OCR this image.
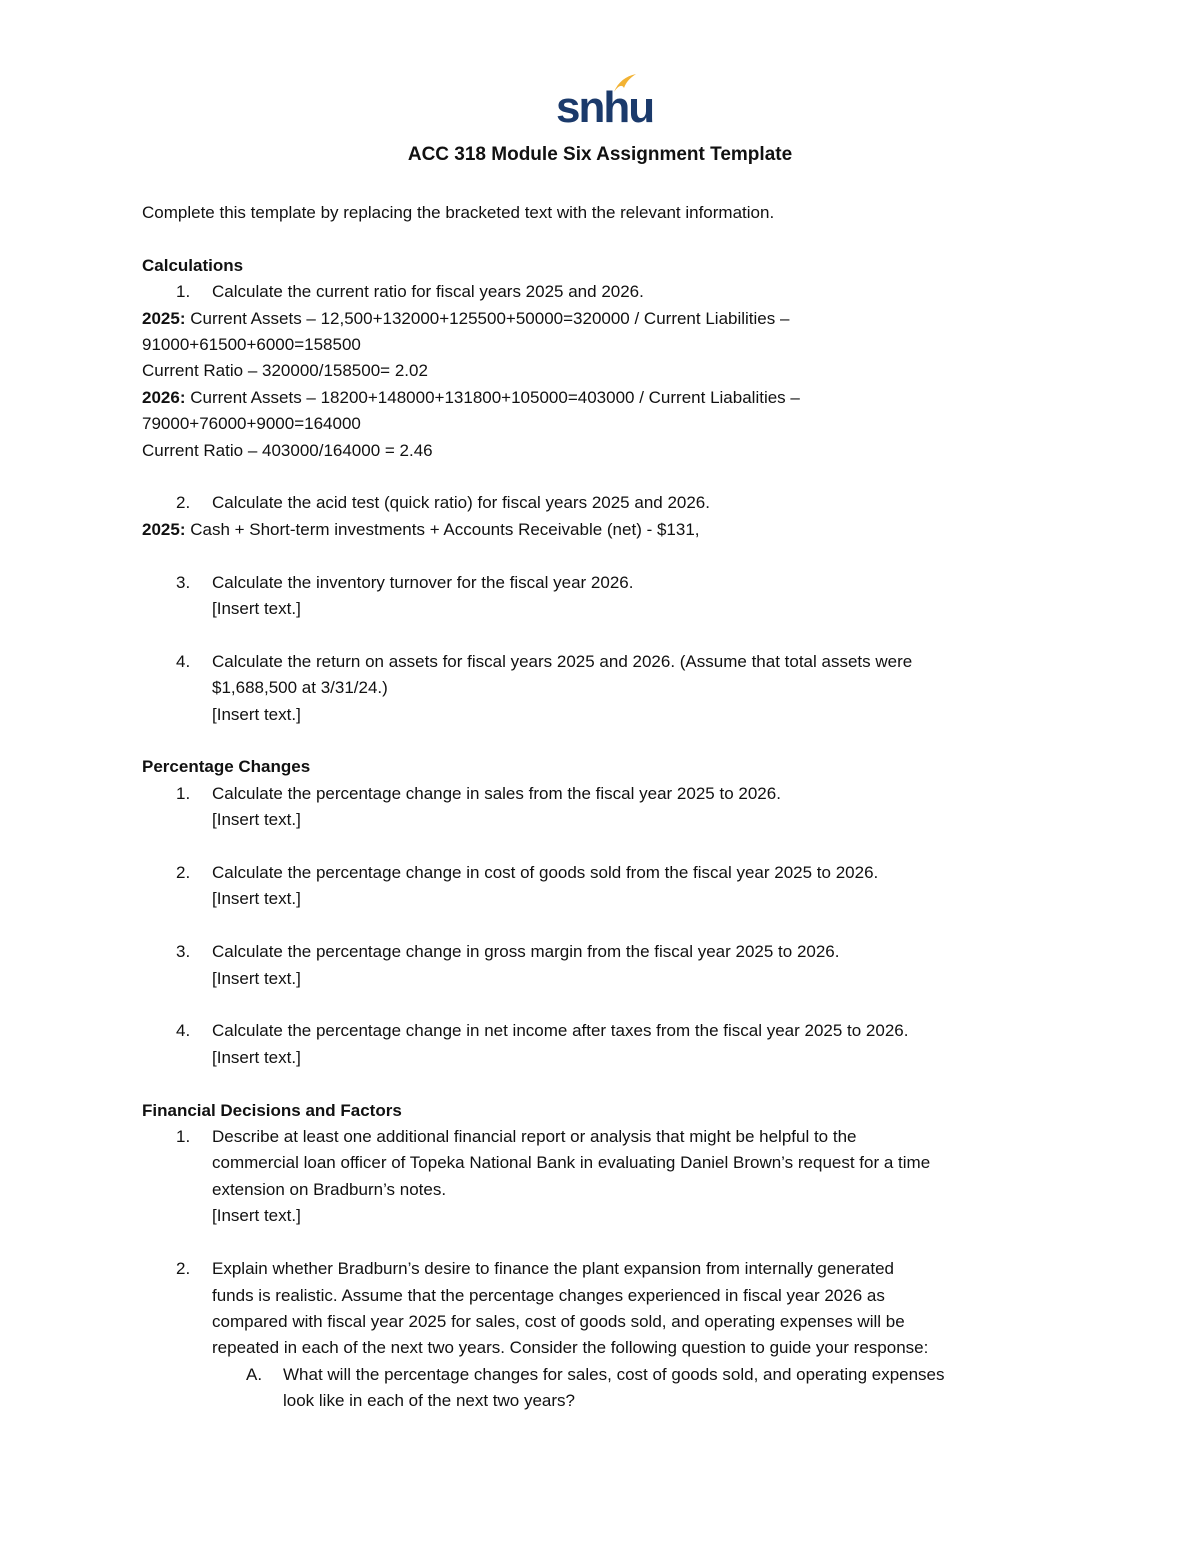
snhu
ACC 318 Module Six Assignment Template
Complete this template by replacing the bracketed text with the relevant information.
Calculations
1. Calculate the current ratio for fiscal years 2025 and 2026.
2025: Current Assets – 12,500+132000+125500+50000=320000 / Current Liabilities –
91000+61500+6000=158500
Current Ratio – 320000/158500= 2.02
2026: Current Assets – 18200+148000+131800+105000=403000 / Current Liabalities –
79000+76000+9000=164000
Current Ratio – 403000/164000 = 2.46
2. Calculate the acid test (quick ratio) for fiscal years 2025 and 2026.
2025: Cash + Short-term investments + Accounts Receivable (net) - $131,
3. Calculate the inventory turnover for the fiscal year 2026.
[Insert text.]
4. Calculate the return on assets for fiscal years 2025 and 2026. (Assume that total assets were
$1,688,500 at 3/31/24.)
[Insert text.]
Percentage Changes
1. Calculate the percentage change in sales from the fiscal year 2025 to 2026.
[Insert text.]
2. Calculate the percentage change in cost of goods sold from the fiscal year 2025 to 2026.
[Insert text.]
3. Calculate the percentage change in gross margin from the fiscal year 2025 to 2026.
[Insert text.]
4. Calculate the percentage change in net income after taxes from the fiscal year 2025 to 2026.
[Insert text.]
Financial Decisions and Factors
1. Describe at least one additional financial report or analysis that might be helpful to the
commercial loan officer of Topeka National Bank in evaluating Daniel Brown’s request for a time
extension on Bradburn’s notes.
[Insert text.]
2. Explain whether Bradburn’s desire to finance the plant expansion from internally generated
funds is realistic. Assume that the percentage changes experienced in fiscal year 2026 as
compared with fiscal year 2025 for sales, cost of goods sold, and operating expenses will be
repeated in each of the next two years. Consider the following question to guide your response:
A. What will the percentage changes for sales, cost of goods sold, and operating expenses
look like in each of the next two years?
